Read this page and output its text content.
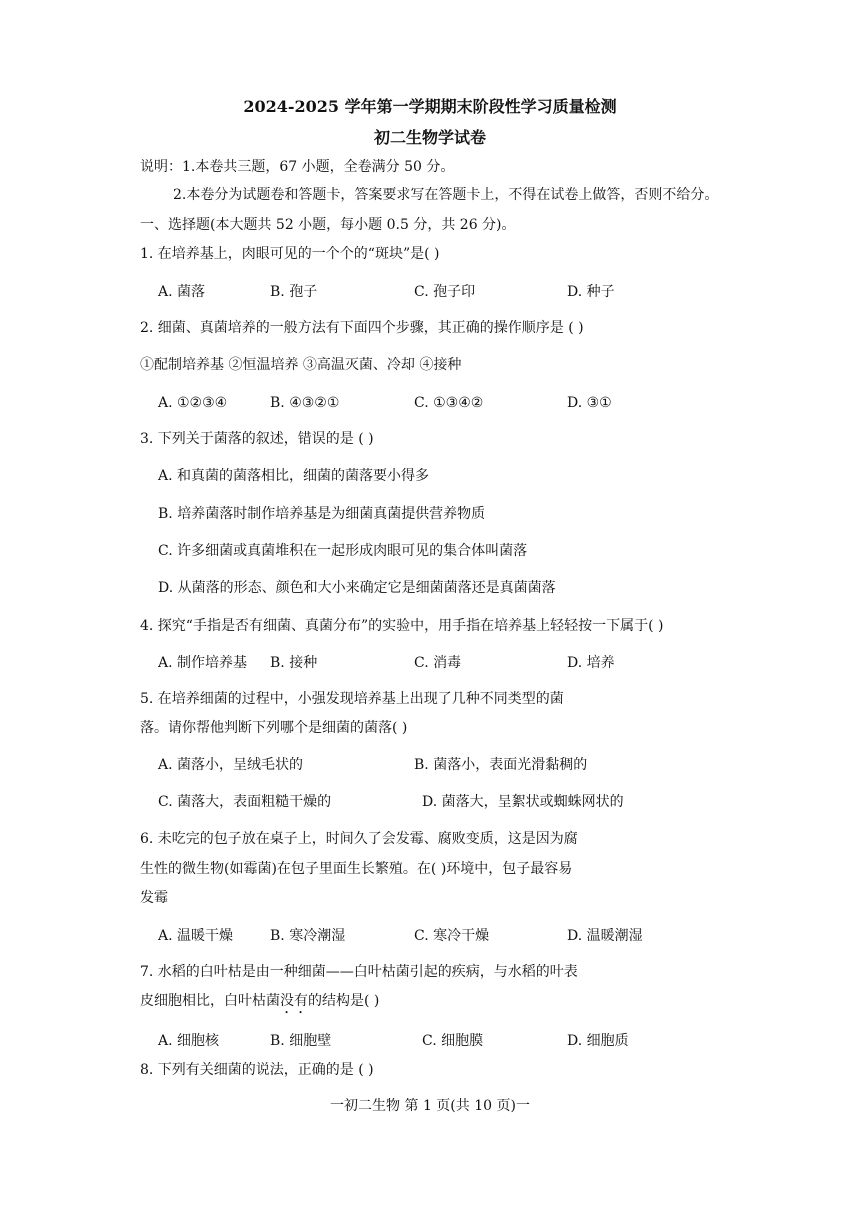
2024-2025 学年第一学期期末阶段性学习质量检测
初二生物学试卷
说明：1.本卷共三题，67 小题，全卷满分 50 分。
2.本卷分为试题卷和答题卡，答案要求写在答题卡上，不得在试卷上做答，否则不给分。
一、选择题(本大题共 52 小题，每小题 0.5 分，共 26 分)。
1. 在培养基上，肉眼可见的一个个的“斑块”是( )
A. 菌落	B. 孢子	C. 孢子印	D. 种子
2. 细菌、真菌培养的一般方法有下面四个步骤，其正确的操作顺序是 ( )
①配制培养基 ②恒温培养 ③高温灭菌、冷却 ④接种
A. ①②③④	B. ④③②①	C. ①③④②	D. ③①
3. 下列关于菌落的叙述，错误的是 ( )
A. 和真菌的菌落相比，细菌的菌落要小得多
B. 培养菌落时制作培养基是为细菌真菌提供营养物质
C. 许多细菌或真菌堆积在一起形成肉眼可见的集合体叫菌落
D. 从菌落的形态、颜色和大小来确定它是细菌菌落还是真菌菌落
4. 探究“手指是否有细菌、真菌分布”的实验中，用手指在培养基上轻轻按一下属于( )
A. 制作培养基 B. 接种	C. 消毒	D. 培养
5. 在培养细菌的过程中，小强发现培养基上出现了几种不同类型的菌
落。请你帮他判断下列哪个是细菌的菌落( )
A. 菌落小，呈绒毛状的	B. 菌落小，表面光滑黏稠的
C. 菌落大，表面粗糙干燥的	D. 菌落大，呈絮状或蜘蛛网状的
6. 未吃完的包子放在桌子上，时间久了会发霉、腐败变质，这是因为腐
生性的微生物(如霉菌)在包子里面生长繁殖。在( )环境中，包子最容易
发霉
A. 温暖干燥	B. 寒冷潮湿	C. 寒冷干燥	D. 温暖潮湿
7. 水稻的白叶枯是由一种细菌——白叶枯菌引起的疾病，与水稻的叶表
皮细胞相比，白叶枯菌没有的结构是( )
A. 细胞核	B. 细胞壁	C. 细胞膜	D. 细胞质
8. 下列有关细菌的说法，正确的是 ( )
一初二生物 第 1 页(共 10 页)一
